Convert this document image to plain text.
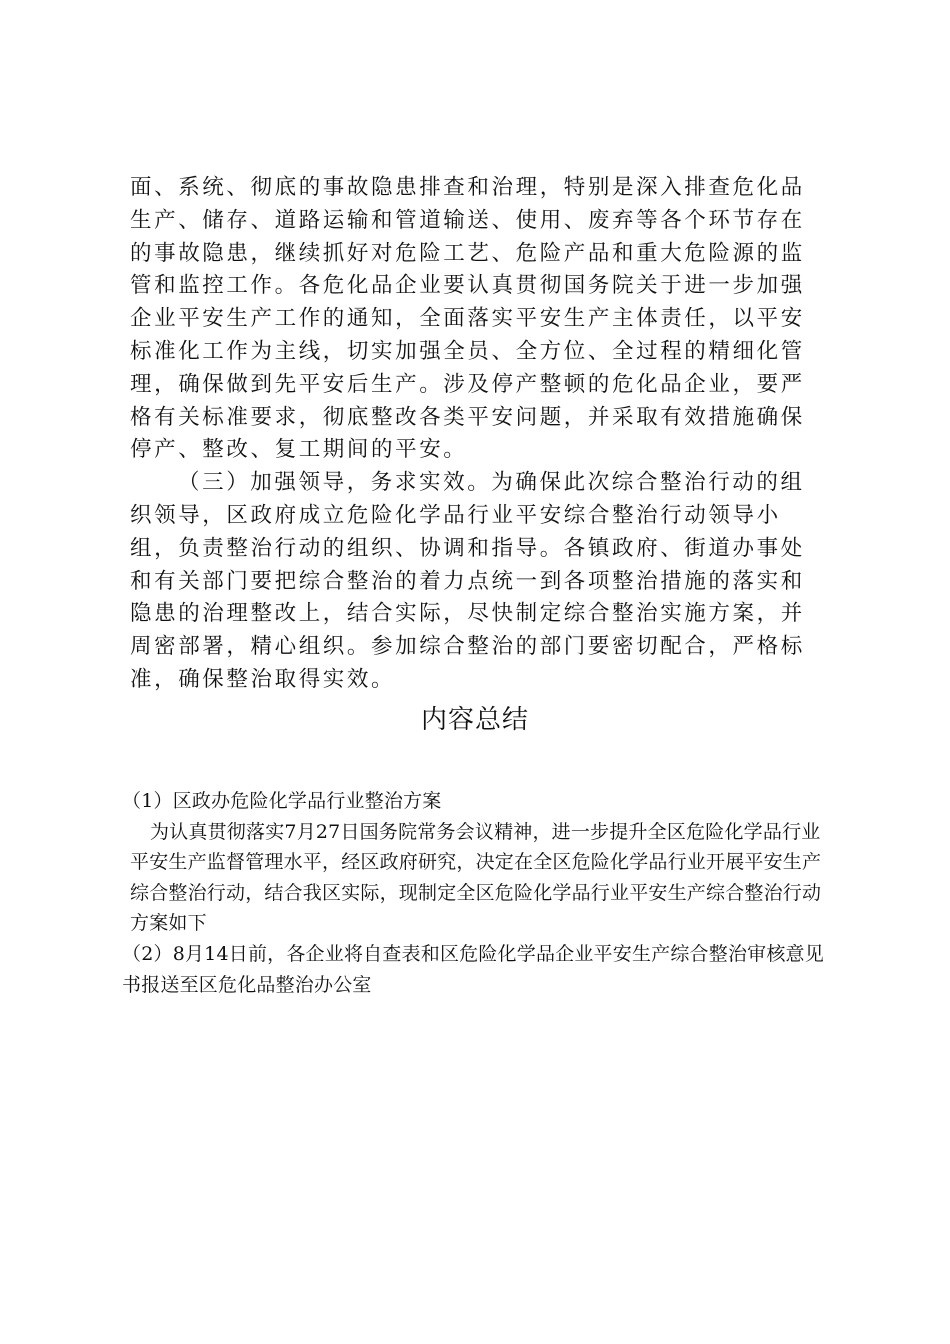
面、系统、彻底的事故隐患排查和治理，特别是深入排查危化品生产、储存、道路运输和管道输送、使用、废弃等各个环节存在的事故隐患，继续抓好对危险工艺、危险产品和重大危险源的监管和监控工作。各危化品企业要认真贯彻国务院关于进一步加强企业平安生产工作的通知，全面落实平安生产主体责任，以平安标准化工作为主线，切实加强全员、全方位、全过程的精细化管理，确保做到先平安后生产。涉及停产整顿的危化品企业，要严格有关标准要求，彻底整改各类平安问题，并采取有效措施确保停产、整改、复工期间的平安。

（三）加强领导，务求实效。为确保此次综合整治行动的组织领导，区政府成立危险化学品行业平安综合整治行动领导小组，负责整治行动的组织、协调和指导。各镇政府、街道办事处和有关部门要把综合整治的着力点统一到各项整治措施的落实和隐患的治理整改上，结合实际，尽快制定综合整治实施方案，并周密部署，精心组织。参加综合整治的部门要密切配合，严格标准，确保整治取得实效。

内容总结

（1）区政办危险化学品行业整治方案

为认真贯彻落实7月27日国务院常务会议精神，进一步提升全区危险化学品行业平安生产监督管理水平，经区政府研究，决定在全区危险化学品行业开展平安生产综合整治行动，结合我区实际，现制定全区危险化学品行业平安生产综合整治行动方案如下

（2）8月14日前，各企业将自查表和区危险化学品企业平安生产综合整治审核意见书报送至区危化品整治办公室
